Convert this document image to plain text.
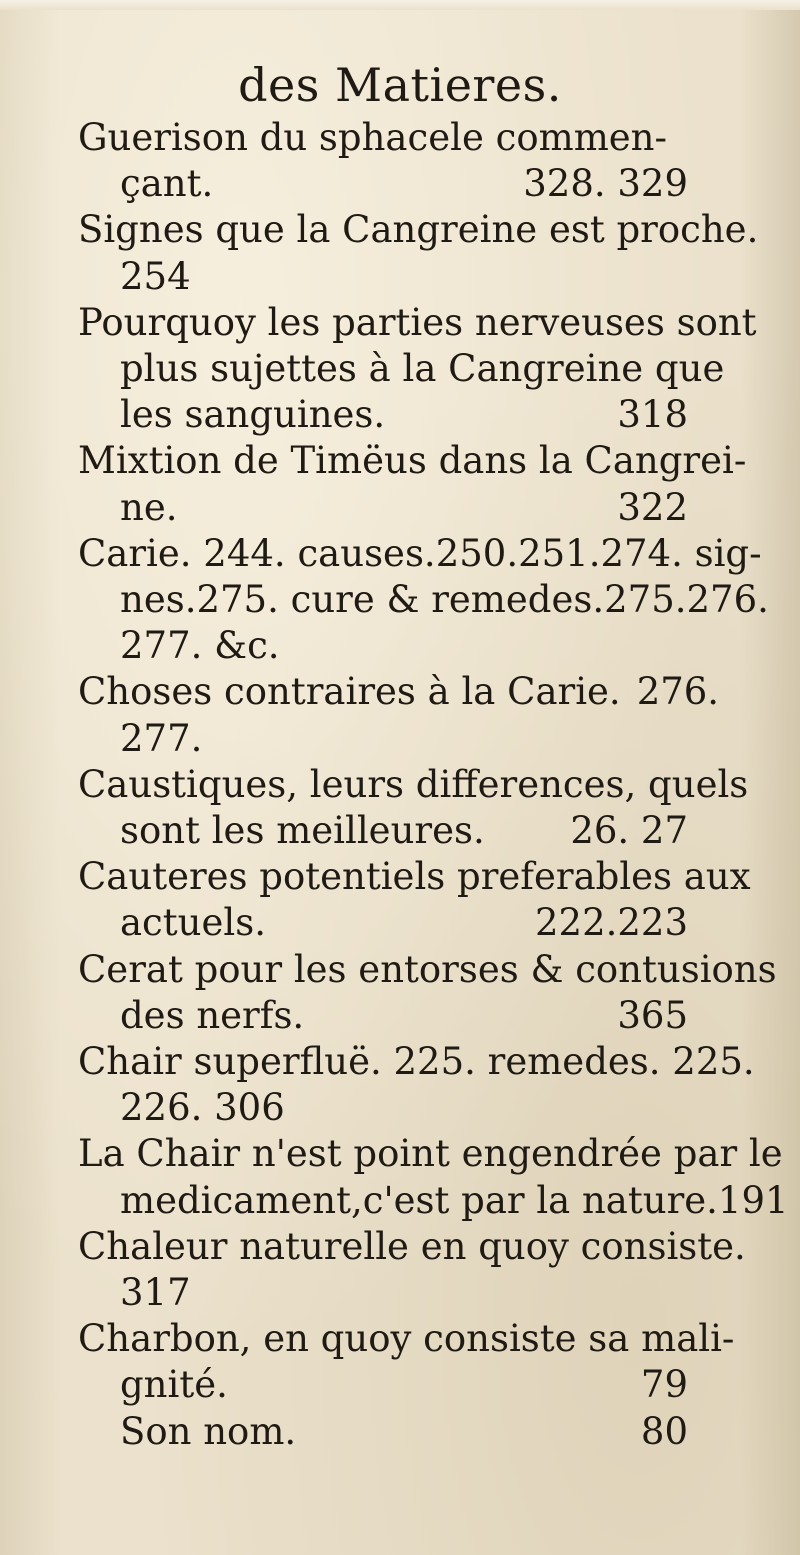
des Matieres.
Guerison du sphacele commen-
çant.	328. 329
Signes que la Cangreine est proche.
254
Pourquoy les parties nerveuses sont
plus sujettes à la Cangreine que
les sanguines.	318
Mixtion de Timëus dans la Cangrei-
ne.	322
Carie. 244. causes.250.251.274. sig-
nes.275. cure & remedes.275.276.
277. &c.
Choses contraires à la Carie. 276.
277.
Caustiques, leurs differences, quels
sont les meilleures. 26. 27
Cauteres potentiels preferables aux
actuels.	222.223
Cerat pour les entorses & contusions
des nerfs.	365
Chair superfluë. 225. remedes. 225.
226. 306
La Chair n'est point engendrée par le
medicament,c'est par la nature.191
Chaleur naturelle en quoy consiste.
317
Charbon, en quoy consiste sa mali-
gnité.	79
Son nom.	80
